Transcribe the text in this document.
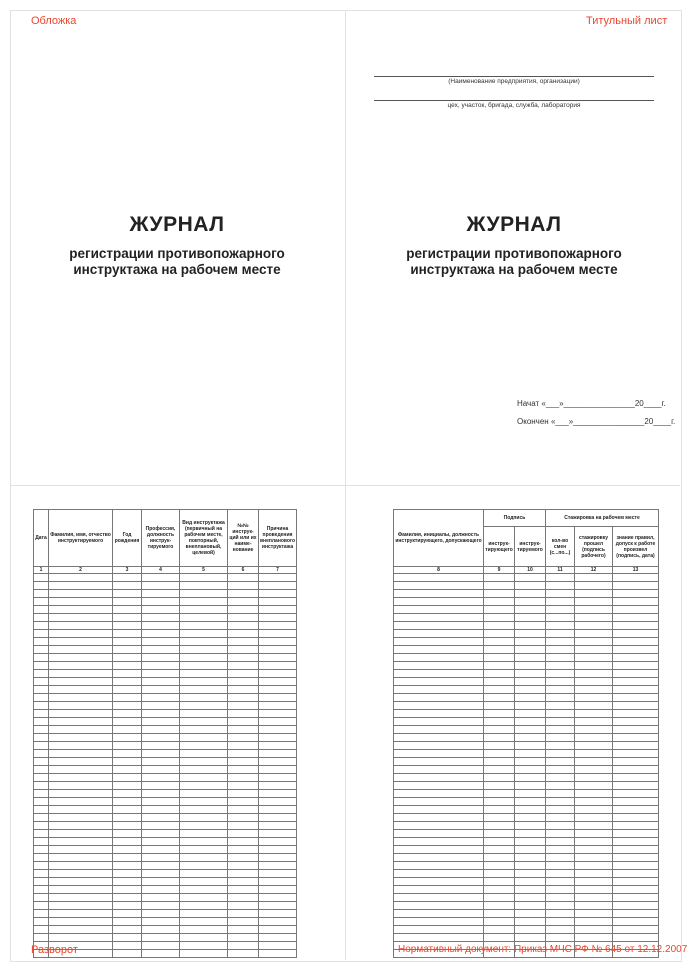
Обложка
ЖУРНАЛ
регистрации противопожарного
инструктажа на рабочем месте
Титульный лист
(Наименование предприятия, организации)
цех, участок, бригада, служба, лаборатория
ЖУРНАЛ
регистрации противопожарного
инструктажа на рабочем месте
Начат «___»________________20____г.
Окончен «___»________________20____г.
Дата	Фамилия, имя, отчество инструктируемого	Год рождения	Профессия, должность инструк-тируемого	Вид инструктажа (первичный на рабочем месте, повторный, внеплановый, целевой)	№№ инструк-ций или их наиме-нование	Причина проведения внепланового инструктажа
1	2	3	4	5	6	7

Фамилия, инициалы, должность инструктирующего, допускающего	Подпись		Стажировка на рабочем месте		
	инструк-тирующего	инструк-тируемого	кол-во смен (с...по...)	стажировку прошел (подпись рабочего)	знание правил, допуск к работе произвел (подпись, дата)
8	9	10	11	12	13

Разворот	Нормативный документ: Приказ МЧС РФ № 645 от 12.12.2007
